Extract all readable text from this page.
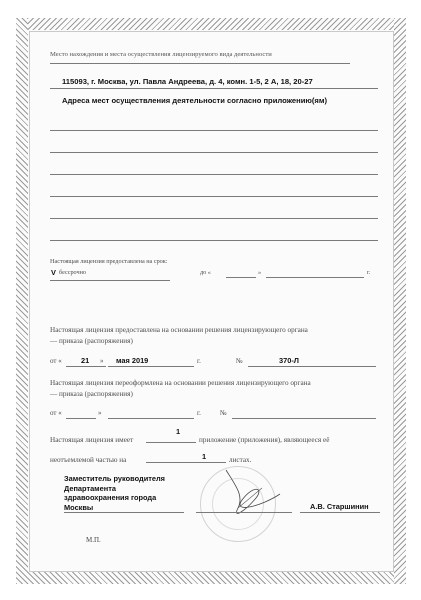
Место нахождения и места осуществления лицензируемого вида деятельности
115093, г. Москва, ул. Павла Андреева, д. 4, комн. 1-5, 2 А, 18, 20-27
Адреса мест осуществления деятельности согласно приложению(ям)
Настоящая лицензия предоставлена на срок:
V бессрочно	до «	»	г.
Настоящая лицензия предоставлена на основании решения лицензирующего органа
— приказа (распоряжения)
от «	21 » мая 2019	г.	№	370-Л
Настоящая лицензия переоформлена на основании решения лицензирующего органа
— приказа (распоряжения)
от «	»	г.	№
Настоящая лицензия имеет
1
приложение (приложения), являющееся её
неотъемлемой частью на	1	листах.
Заместитель руководителя
Департамента
здравоохранения города
Москвы	А.В. Старшинин
М.П.
